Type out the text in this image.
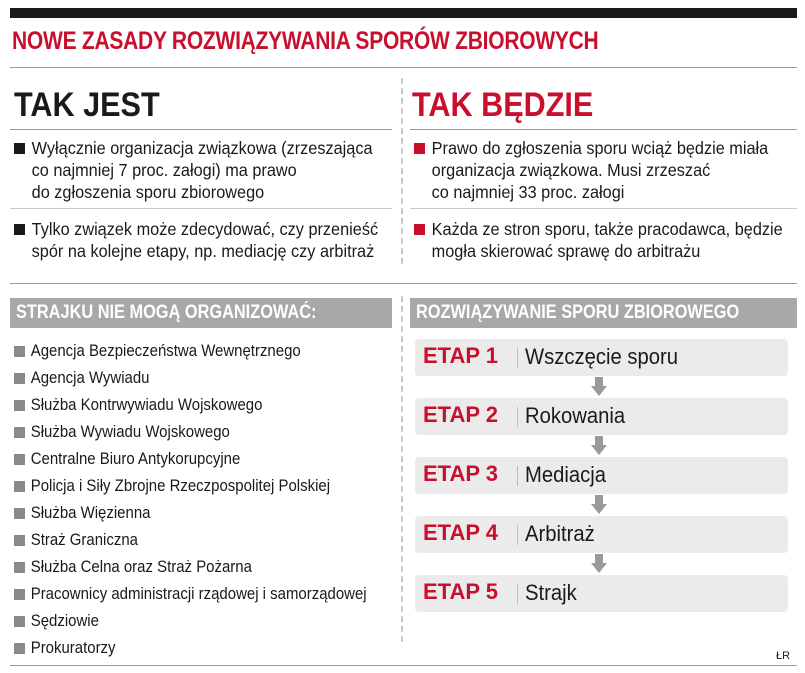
NOWE ZASADY ROZWIĄZYWANIA SPORÓW ZBIOROWYCH
TAK JEST	TAK BĘDZIE
Wyłącznie organizacja związkowa (zrzeszająca
co najmniej 7 proc. załogi) ma prawo
do zgłoszenia sporu zbiorowego
Tylko związek może zdecydować, czy przenieść
spór na kolejne etapy, np. mediację czy arbitraż
Prawo do zgłoszenia sporu wciąż będzie miała
organizacja związkowa. Musi zrzeszać
co najmniej 33 proc. załogi
Każda ze stron sporu, także pracodawca, będzie
mogła skierować sprawę do arbitrażu
STRAJKU NIE MOGĄ ORGANIZOWAĆ:	ROZWIĄZYWANIE SPORU ZBIOROWEGO
Agencja Bezpieczeństwa Wewnętrznego
Agencja Wywiadu
Służba Kontrwywiadu Wojskowego
Służba Wywiadu Wojskowego
Centralne Biuro Antykorupcyjne
Policja i Siły Zbrojne Rzeczpospolitej Polskiej
Służba Więzienna
Straż Graniczna
Służba Celna oraz Straż Pożarna
Pracownicy administracji rządowej i samorządowej
Sędziowie
Prokuratorzy
ETAP 1 Wszczęcie sporu
ETAP 2 Rokowania
ETAP 3 Mediacja
ETAP 4 Arbitraż
ETAP 5 Strajk
ŁR
